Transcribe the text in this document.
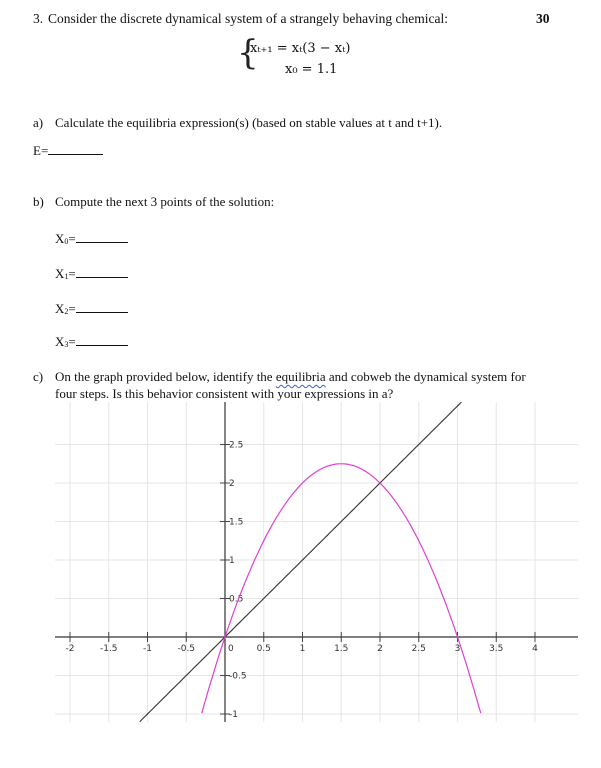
3. Consider the discrete dynamical system of a strangely behaving chemical:	30
{
xₜ₊₁ = xₜ(3 − xₜ)
x₀ = 1.1
a) Calculate the equilibria expression(s) (based on stable values at t and t+1).
E=
b) Compute the next 3 points of the solution:
X0=
X1=
X2=
X3=
c) On the graph provided below, identify the equilibria and cobweb the dynamical system for
four steps. Is this behavior consistent with your expressions in a?
-2	-1.5	-1	-0.5	0	0.5	1	1.5	2	2.5	3	3.5	4
-1
-0.5
0.5
1
1.5
2
2.5
